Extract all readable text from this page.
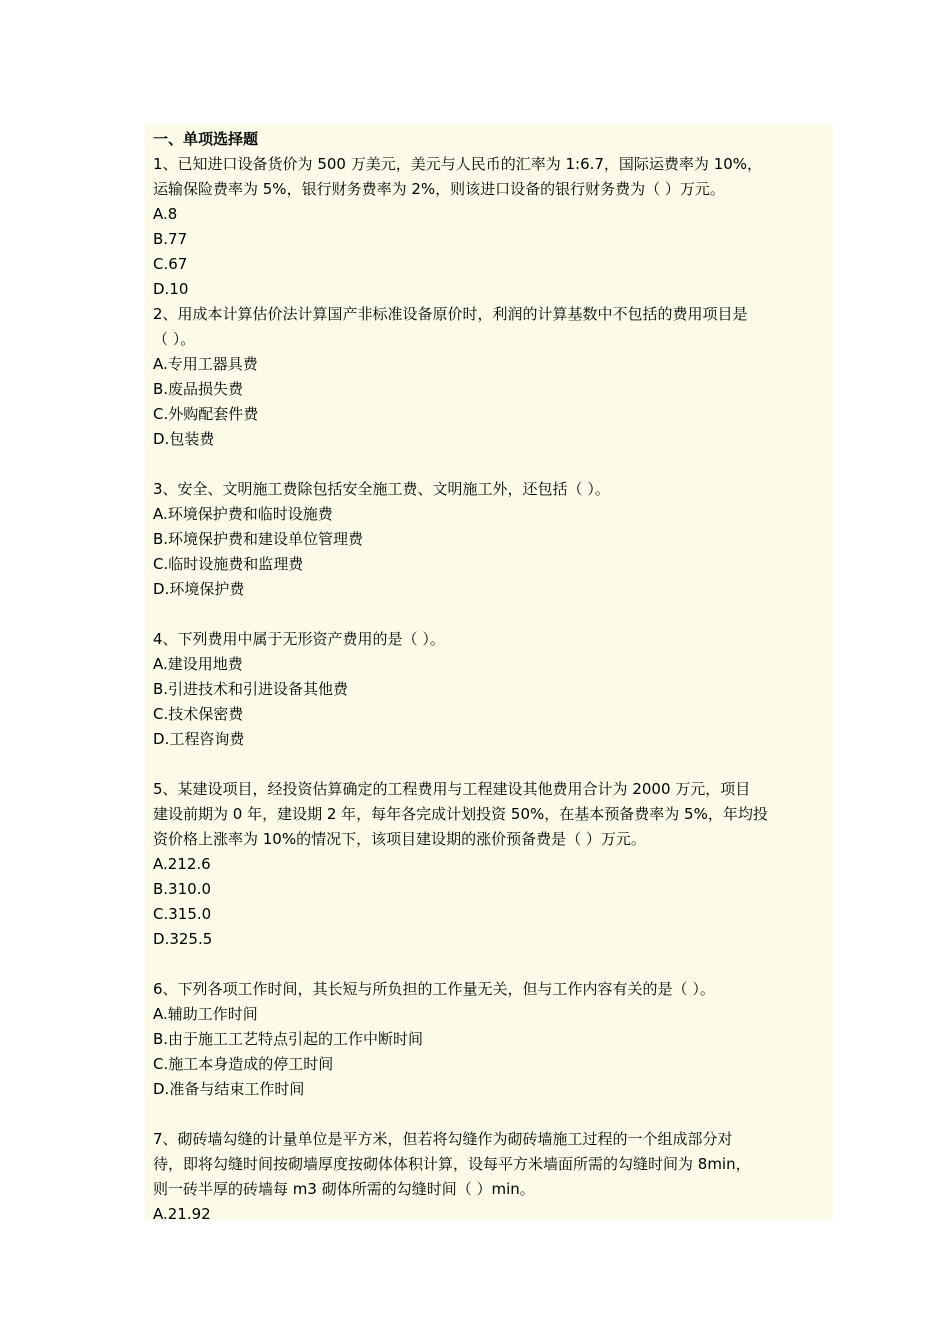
一、单项选择题
1、已知进口设备货价为 500 万美元，美元与人民币的汇率为 1:6.7，国际运费率为 10%，
运输保险费率为 5%，银行财务费率为 2%，则该进口设备的银行财务费为（ ）万元。
A.8
B.77
C.67
D.10
2、用成本计算估价法计算国产非标准设备原价时，利润的计算基数中不包括的费用项目是
（ ）。
A.专用工器具费
B.废品损失费
C.外购配套件费
D.包装费
3、安全、文明施工费除包括安全施工费、文明施工外，还包括（ ）。
A.环境保护费和临时设施费
B.环境保护费和建设单位管理费
C.临时设施费和监理费
D.环境保护费
4、下列费用中属于无形资产费用的是（ ）。
A.建设用地费
B.引进技术和引进设备其他费
C.技术保密费
D.工程咨询费
5、某建设项目，经投资估算确定的工程费用与工程建设其他费用合计为 2000 万元，项目
建设前期为 0 年，建设期 2 年，每年各完成计划投资 50%，在基本预备费率为 5%，年均投
资价格上涨率为 10%的情况下，该项目建设期的涨价预备费是（ ）万元。
A.212.6
B.310.0
C.315.0
D.325.5
6、下列各项工作时间，其长短与所负担的工作量无关，但与工作内容有关的是（ ）。
A.辅助工作时间
B.由于施工工艺特点引起的工作中断时间
C.施工本身造成的停工时间
D.准备与结束工作时间
7、砌砖墙勾缝的计量单位是平方米，但若将勾缝作为砌砖墙施工过程的一个组成部分对
待，即将勾缝时间按砌墙厚度按砌体体积计算，设每平方米墙面所需的勾缝时间为 8min，
则一砖半厚的砖墙每 m3 砌体所需的勾缝时间（ ）min。
A.21.92
